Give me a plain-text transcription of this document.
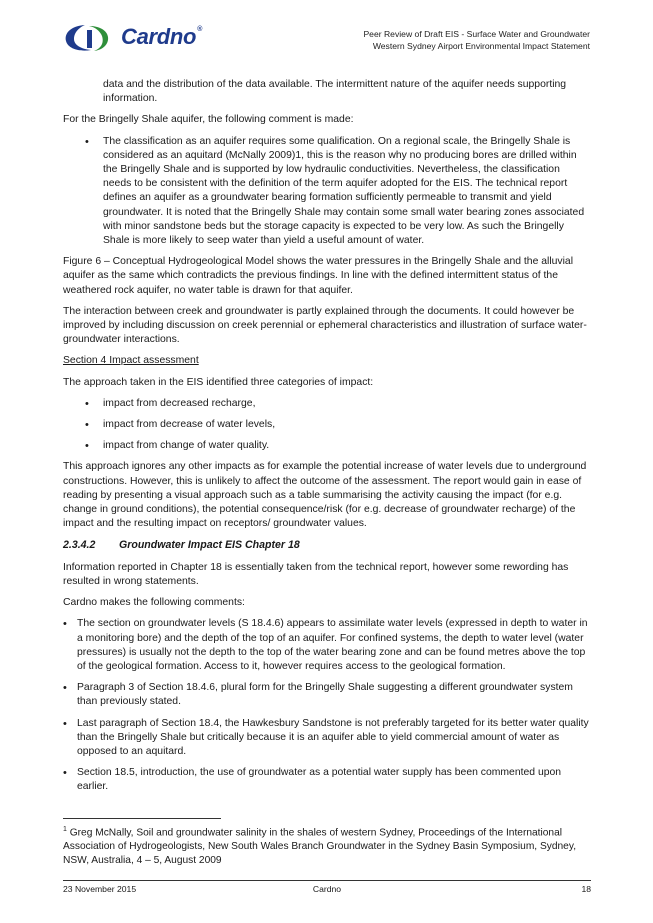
Cardno®	Peer Review of Draft EIS - Surface Water and Groundwater
Western Sydney Airport Environmental Impact Statement

data and the distribution of the data available. The intermittent nature of the aquifer needs supporting information.

For the Bringelly Shale aquifer, the following comment is made:

• The classification as an aquifer requires some qualification. On a regional scale, the Bringelly Shale is considered as an aquitard (McNally 2009)1, this is the reason why no producing bores are drilled within the Bringelly Shale and is supported by low hydraulic conductivities. Nevertheless, the classification needs to be consistent with the definition of the term aquifer adopted for the EIS. The technical report defines an aquifer as a groundwater bearing formation sufficiently permeable to transmit and yield groundwater. It is noted that the Bringelly Shale may contain some small water bearing zones associated with minor sandstone beds but the storage capacity is expected to be very low. As such the Bringelly Shale is more likely to seep water than yield a useful amount of water.

Figure 6 – Conceptual Hydrogeological Model shows the water pressures in the Bringelly Shale and the alluvial aquifer as the same which contradicts the previous findings. In line with the defined intermittent status of the weathered rock aquifer, no water table is drawn for that aquifer.

The interaction between creek and groundwater is partly explained through the documents. It could however be improved by including discussion on creek perennial or ephemeral characteristics and illustration of surface water-groundwater interactions.

Section 4 Impact assessment

The approach taken in the EIS identified three categories of impact:

• impact from decreased recharge,
• impact from decrease of water levels,
• impact from change of water quality.

This approach ignores any other impacts as for example the potential increase of water levels due to underground constructions. However, this is unlikely to affect the outcome of the assessment. The report would gain in ease of reading by presenting a visual approach such as a table summarising the activity causing the impact (for e.g. change in ground conditions), the potential consequence/risk (for e.g. decrease of groundwater recharge) of the impact and the resulting impact on receptors/ groundwater values.

2.3.4.2 Groundwater Impact EIS Chapter 18

Information reported in Chapter 18 is essentially taken from the technical report, however some rewording has resulted in wrong statements.

Cardno makes the following comments:

• The section on groundwater levels (S 18.4.6) appears to assimilate water levels (expressed in depth to water in a monitoring bore) and the depth of the top of an aquifer. For confined systems, the depth to water level (water pressures) is usually not the depth to the top of the water bearing zone and can be found metres above the top of the geological formation. Access to it, however requires access to the geological formation.
• Paragraph 3 of Section 18.4.6, plural form for the Bringelly Shale suggesting a different groundwater system than previously stated.
• Last paragraph of Section 18.4, the Hawkesbury Sandstone is not preferably targeted for its better water quality than the Bringelly Shale but critically because it is an aquifer able to yield commercial amount of water as opposed to an aquitard.
• Section 18.5, introduction, the use of groundwater as a potential water supply has been commented upon earlier.
$^1$ Greg McNally, Soil and groundwater salinity in the shales of western Sydney, Proceedings of the International Association of Hydrogeologists, New South Wales Branch Groundwater in the Sydney Basin Symposium, Sydney, NSW, Australia, 4 – 5, August 2009
23 November 2015	Cardno	18
